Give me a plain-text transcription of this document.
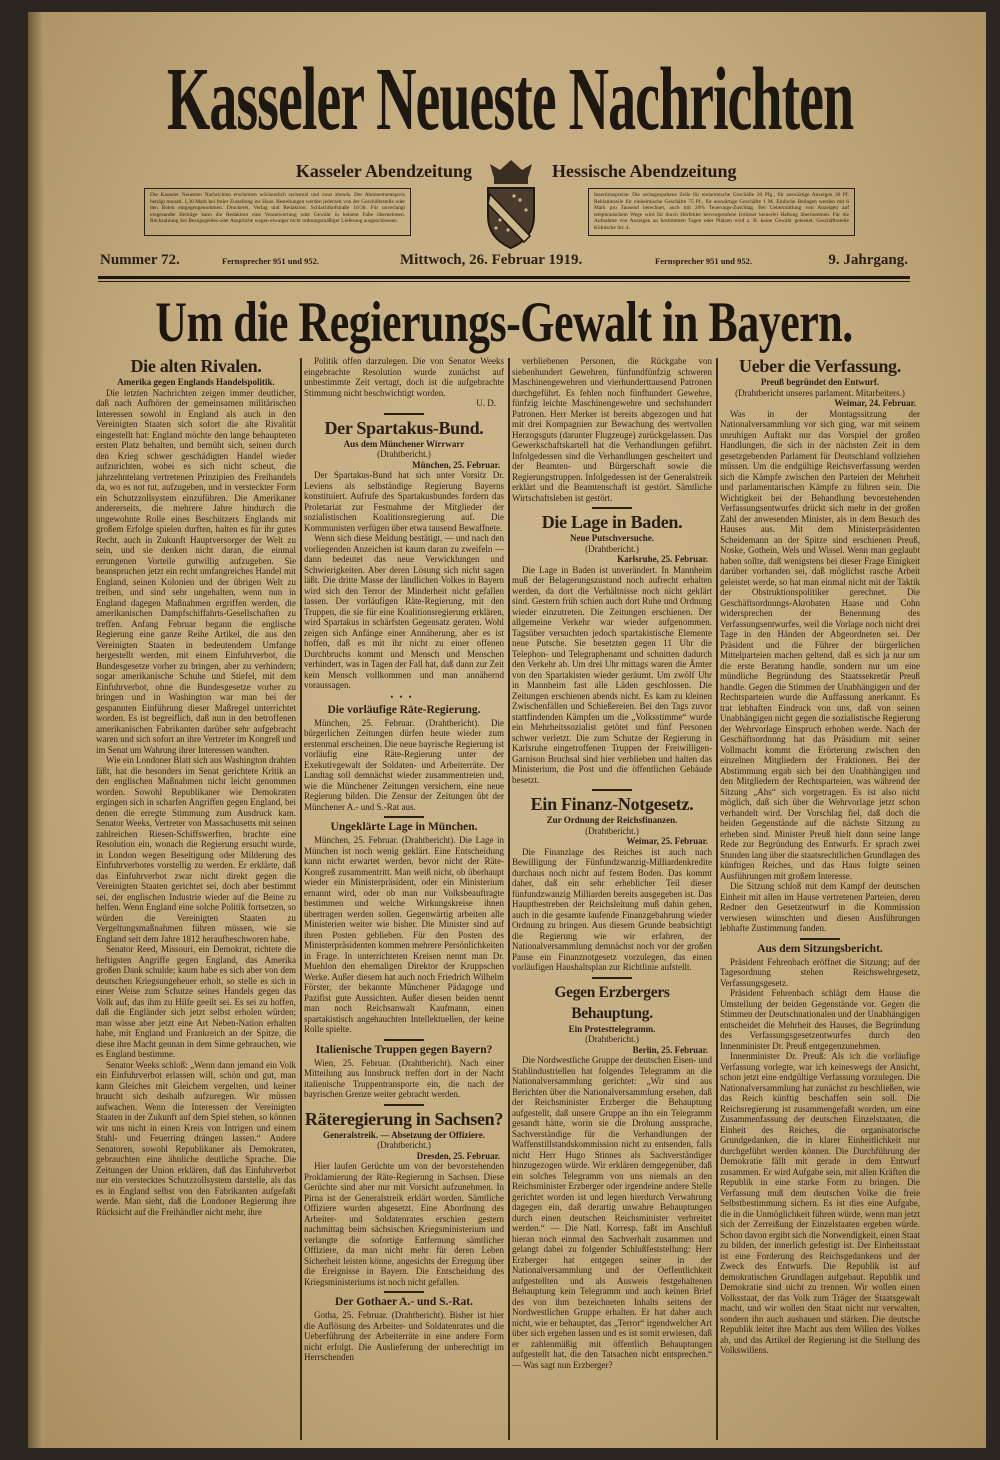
Kasseler Neueste Nachrichten
Kasseler Abendzeitung	Hessische Abendzeitung
Die Kasseler Neuesten Nachrichten erscheinen wöchentlich sechsmal und zwar abends. Der Abonnementspreis beträgt monatl. 1,30 Mark bei freier Zustellung ins Haus. Bestellungen werden jederzeit von der Geschäftsstelle oder den Boten entgegengenommen. Druckerei, Verlag und Redaktion: Schlachthofstraße 10/30. Für unverlangt eingesandte Beiträge kann die Redaktion eine Verantwortung oder Gewähr in keinem Falle übernehmen. Rückzahlung des Bezugsgeldes oder Ansprüche wegen etwaiger nicht ordnungsmäßiger Lieferung ausgeschlossen.
Insertionspreise: Die sechsgespaltene Zeile für einheimische Geschäfte 20 Pfg., für auswärtige Anzeigen 30 Pf. Reklamezeile für einheimische Geschäfte 75 Pf., für auswärtige Geschäfte 1 M. Einfache Beilagen werden mit 6 Mark pro Tausend berechnet, auch mit 20% Teuerungs-Zuschlag. Bei Uebermittlung von Anzeigen auf telephonischem Wege wird für durch Hörfehler hervorgerufene Irrtümer keinerlei Haftung übernommen. Für die Aufnahme von Anzeigen an bestimmten Tagen oder Plätzen wird z. B. keine Gewähr geleistet. Geschäftsstelle Kölnische Str. 4.
Nummer 72.	Fernsprecher 951 und 952.	Mittwoch, 26. Februar 1919.	Fernsprecher 951 und 952.	9. Jahrgang.
Um die Regierungs-Gewalt in Bayern.
Die alten Rivalen.
Amerika gegen Englands Handelspolitik.

Die letzten Nachrichten zeigen immer deutlicher, daß nach Aufhören der gemeinsamen militärischen Interessen sowohl in England als auch in den Vereinigten Staaten sich sofort die alte Rivalität eingestellt hat: England möchte den lange behaupteten ersten Platz behalten, und bemüht sich, seinen durch den Krieg schwer geschädigten Handel wieder aufzurichten, wobei es sich nicht scheut, die jahrzehntelang vertretenen Prinzipien des Freihandels da, wo es not tut, aufzugeben, und in versteckter Form ein Schutzzollsystem einzuführen. Die Amerikaner andererseits, die mehrere Jahre hindurch die ungewohnte Rolle eines Beschützers Englands mit großem Erfolge spielen durften, halten es für ihr gutes Recht, auch in Zukunft Hauptversorger der Welt zu sein, und sie denken nicht daran, die einmal errungenen Vorteile gutwillig aufzugeben. Sie beanspruchen jetzt ein recht umfangreiches Handel mit England, seinen Kolonien und der übrigen Welt zu treiben, und sind sehr ungehalten, wenn nun in England dagegen Maßnahmen ergriffen werden, die amerikanischen Dampfschiffahrts-Gesellschaften zu treffen. Anfang Februar begann die englische Regierung eine ganze Reihe Artikel, die aus den Vereinigten Staaten in bedeutendem Umfange hergestellt werden, mit einem Einfuhrverbot, die Bundesgesetze vorher zu bringen, aber zu verhindern; sogar amerikanische Schuhe und Stiefel, mit dem Einfuhrverbot, ohne die Bundesgesetze vorher zu bringen und in Washington war man bei der gespannten Einführung dieser Maßregel unterrichtet worden. Es ist begreiflich, daß nun in den betroffenen amerikanischen Fabrikanten darüber sehr aufgebracht waren und sich sofort an ihre Vertreter im Kongreß und im Senat um Wahrung ihrer Interessen wandten.

Wie ein Londoner Blatt sich aus Washington drahten läßt, hat die besonders im Senat gerichtete Kritik an den englischen Maßnahmen nicht leicht genommen worden. Sowohl Republikaner wie Demokraten ergingen sich in scharfen Angriffen gegen England, bei denen die erregte Stimmung zum Ausdruck kam. Senator Weeks, Vertreter von Massachusetts mit seinen zahlreichen Riesen-Schiffswerften, brachte eine Resolution ein, wonach die Regierung ersucht wurde, in London wegen Beseitigung oder Milderung des Einfuhrverbotes vorstellig zu werden. Er erklärte, daß das Einfuhrverbot zwar nicht direkt gegen die Vereinigten Staaten gerichtet sei, doch aber bestimmt sei, der englischen Industrie wieder auf die Beine zu helfen. Wenn England eine solche Politik fortsetzen, so würden die Vereinigten Staaten zu Vergeltungsmaßnahmen führen müssen, wie sie England seit dem Jahre 1812 heraufbeschworen habe.

Senator Reed, Missouri, ein Demokrat, richtete die heftigsten Angriffe gegen England, das Amerika großen Dank schulde; kaum habe es sich aber von dem deutschen Kriegsungeheuer erholt, so stelle es sich in einer Weise zum Schutze seines Handels gegen das Volk auf, das ihm zu Hilfe geeilt sei. Es sei zu hoffen, daß die Engländer sich jetzt selbst erholen würden; man wisse aber jetzt eine Art Neben-Nation erhalten habe, mit England und Frankreich an der Spitze, die diese ihre Macht gennan in dem Sinne gebrauchen, wie es England bestimme.

Senator Weeks schloß: „Wenn dann jemand ein Volk ein Einfuhrverbot erlassen will, schön und gut, man kann Gleiches mit Gleichem vergelten, und keiner braucht sich deshalb aufzuregen. Wir müssen aufwachen. Wenn die Interessen der Vereinigten Staaten in der Zukunft auf dem Spiel stehen, so können wir uns nicht in einen Kreis von Intrigen und einem Stahl- und Feuerring drängen lassen.“ Andere Senatoren, sowohl Republikaner als Demokraten, gebrauchten eine ähnliche deutliche Sprache. Die Zeitungen der Union erklären, daß das Einfuhrverbot nur ein verstecktes Schutzzollsystem darstelle, als das es in England selbst von den Fabrikanten aufgefaßt werde. Man sieht, daß die Londoner Regierung ihre Rücksicht auf die Freihändler nicht mehr, ihre

Politik offen darzulegen. Die von Senator Weeks eingebrachte Resolution wurde zunächst auf unbestimmte Zeit vertagt, doch ist die aufgebrachte Stimmung nicht beschwichtigt worden.

U. D.
Der Spartakus-Bund.
Aus dem Münchener Wirrwarr
(Drahtbericht.)
München, 25. Februar.

Der Spartakus-Bund hat sich unter Vorsitz Dr. Leviens als selbständige Regierung Bayerns konstituiert. Aufrufe des Spartakusbundes fordern das Proletariat zur Festnahme der Mitglieder der sozialistischen Koalitionsregierung auf. Die Kommunisten verfügen über etwa tausend Bewaffnete.

Wenn sich diese Meldung bestätigt, — und nach den vorliegenden Anzeichen ist kaum daran zu zweifeln — dann bedeutet das neue Verwicklungen und Schwierigkeiten. Aber deren Lösung sich nicht sagen läßt. Die dritte Masse der ländlichen Volkes in Bayern wird sich den Terror der Minderheit nicht gefallen lassen. Der vorläufigen Räte-Regierung, mit den Truppen, die sie für eine Koalitionsregierung erklären, wird Spartakus in schärfsten Gegensatz geraten. Wohl zeigen sich Anfänge einer Annäherung, aber es ist hoffen, daß es mit ihr nicht zu einer offenen Durchbruchs kommt und Mensch und Menschen verhindert, was in Tagen der Fall hat, daß dann zur Zeit kein Mensch vollkommen und man annähernd voraussagen.

•••
Die vorläufige Räte-Regierung.

München, 25. Februar. (Drahtbericht). Die bürgerlichen Zeitungen dürfen heute wieder zum erstenmal erscheinen. Die neue bayrische Regierung ist vorläufig eine Räte-Regierung unter der Exekutivgewalt der Soldaten- und Arbeiterräte. Der Landtag soll demnächst wieder zusammentreten und, wie die Münchener Zeitungen versichern, eine neue Regierung bilden. Die Zensur der Zeitungen übt der Münchener A.- und S.-Rat aus.

Ungeklärte Lage in München.

München, 25. Februar. (Drahtbericht). Die Lage in München ist noch wenig geklärt. Eine Entscheidung kann nicht erwartet werden, bevor nicht der Räte-Kongreß zusammentritt. Man weiß nicht, ob überhaupt wieder ein Ministerpräsident, oder ein Ministerium ernannt wird, oder ob man nur Volksbeauftragte bestimmen und welche Wirkungskreise ihnen übertragen werden sollen. Gegenwärtig arbeiten alle Ministerien weiter wie bisher. Die Minister sind auf ihren Posten geblieben. Für den Posten des Ministerpräsidenten kommen mehrere Persönlichkeiten in Frage. In unterrichteten Kreisen nennt man Dr. Muehlon den ehemaligen Direktor der Kruppschen Werke. Außer diesem hat auch noch Friedrich Wilhelm Förster, der bekannte Münchener Pädagoge und Pazifist gute Aussichten. Außer diesen beiden nennt man noch Reichsanwalt Kaufmann, einen spartakistisch angehauchten Intellektuellen, der keine Rolle spielte.

Italienische Truppen gegen Bayern?

Wien, 25. Februar. (Drahtbericht). Nach einer Mitteilung aus Innsbruck treffen dort in der Nacht italienische Truppentransporte ein, die nach der bayrischen Grenze weiter gebracht werden.

Räteregierung in Sachsen?
Generalstreik. — Absetzung der Offiziere.
(Drahtbericht.)
Dresden, 25. Februar.

Hier laufen Gerüchte um von der bevorstehenden Proklamierung der Räte-Regierung in Sachsen. Diese Gerüchte sind aber nur mit Vorsicht aufzunehmen. In Pirna ist der Generalstreik erklärt worden. Sämtliche Offiziere wurden abgesetzt. Eine Abordnung des Arbeiter- und Soldatenrates erschien gestern nachmittag beim sächsischen Kriegsministerium und verlangte die sofortige Entfernung sämtlicher Offiziere, da man nicht mehr für deren Leben Sicherheit leisten könne, angesichts der Erregung über die Ereignisse in Bayern. Die Entscheidung des Kriegsministeriums ist noch nicht gefallen.

Der Gothaer A.- und S.-Rat.

Gotha, 25. Februar. (Drahtbericht). Bisher ist hier die Auflösung des Arbeiter- und Soldatenrates und die Ueberführung der Arbeiterräte in eine andere Form nicht erfolgt. Die Auslieferung der unberechtigt im Herrschenden

verbliebenen Personen, die Rückgabe von siebenhundert Gewehren, fünfundfünfzig schweren Maschinengewehren und vierhunderttausend Patronen durchgeführt. Es fehlen noch fünfhundert Gewehre, fünfzig leichte Maschinengewehre und sechshundert Patronen. Herr Merker ist bereits abgezogen und hat mit drei Kompagnien zur Bewachung des wertvollen Herzogsguts (darunter Flugzeuge) zurückgelassen. Das Gewerkschaftskartell hat die Verhandlungen geführt. Infolgedessen sind die Verhandlungen gescheitert und der Beamten- und Bürgerschaft sowie die Regierungstruppen. Infolgedessen ist der Generalstreik erklärt und die Beamtenschaft ist gestört. Sämtliche Wirtschaftsleben ist gestört.

Die Lage in Baden.
Neue Putschversuche.
(Drahtbericht.)
Karlsruhe, 25. Februar.

Die Lage in Baden ist unverändert. In Mannheim muß der Belagerungszustand noch aufrecht erhalten werden, da dort die Verhältnisse noch nicht geklärt sind. Gestern früh schien auch dort Ruhe und Ordnung wieder einzutreten. Die Zeitungen erschienen. Der allgemeine Verkehr war wieder aufgenommen. Tagsüber versuchten jedoch spartakistische Elemente neue Putsche. Sie besetzten gegen 11 Uhr die Telephon- und Telegraphenamt und schnitten dadurch den Verkehr ab. Um drei Uhr mittags waren die Ämter von den Spartakisten wieder geräumt. Um zwölf Uhr in Mannheim fast alle Läden geschlossen. Die Zeitungen erschienen abends nicht. Es kam zu kleinen Zwischenfällen und Schießereien. Bei den Tags zuvor stattfindenden Kämpfen um die „Volksstimme“ wurde ein Mehrheitssozialist getötet und fünf Personen schwer verletzt. Die zum Schutze der Regierung in Karlsruhe eingetroffenen Truppen der Freiwilligen-Garnison Bruchsal sind hier verblieben und halten das Ministerium, die Post und die öffentlichen Gebäude besetzt.

Ein Finanz-Notgesetz.
Zur Ordnung der Reichsfinanzen.
(Drahtbericht.)
Weimar, 25. Februar.

Die Finanzlage des Reiches ist auch nach Bewilligung der Fünfundzwanzig-Milliardenkredite durchaus noch nicht auf festem Boden. Das kommt daher, daß ein sehr erheblicher Teil dieser fünfundzwanzig Milliarden bereits ausgegeben ist. Das Hauptbestreben der Reichsleitung muß dahin gehen, auch in die gesamte laufende Finanzgebahrung wieder Ordnung zu bringen. Aus diesem Grunde beabsichtigt die Regierung wie wir erfahren, der Nationalversammlung demnächst noch vor der großen Pause ein Finanznotgesetz vorzulegen, das einen vorläufigen Haushaltsplan zur Richtlinie aufstellt.

Gegen Erzbergers Behauptung.
Ein Protesttelegramm.
(Drahtbericht.)
Berlin, 25. Februar.

Die Nordwestliche Gruppe der deutschen Eisen- und Stahlindustriellen hat folgendes Telegramm an die Nationalversammlung gerichtet: „Wir sind aus Berichten über die Nationalversammlung ersehen, daß der Reichsminister Erzberger die Behauptung aufgestellt, daß unsere Gruppe an ihn ein Telegramm gesandt hätte, worin sie die Drohung aussprache, Sachverständige für die Verhandlungen der Waffenstillstandskommission nicht zu entsenden, falls nicht Herr Hugo Stinnes als Sachverständiger hinzugezogen würde. Wir erklären demgegenüber, daß ein solches Telegramm von uns niemals an den Reichsminister Erzberger oder irgendeine andere Stelle gerichtet worden ist und legen hierdurch Verwahrung dagegen ein, daß derartig unwahre Behauptungen durch einen deutschen Reichsminister verbreitet werden.“ — Die Natl. Korresp. faßt im Anschluß hieran noch einmal den Sachverhalt zusammen und gelangt dabei zu folgender Schlußfeststellung: Herr Erzberger hat entgegen seiner in der Nationalversammlung und der Oeffentlichkeit aufgestellten und als Ausweis festgehaltenen Behauptung kein Telegramm und auch keinen Brief des von ihm bezeichneten Inhalts seitens der Nordwestlichen Gruppe erhalten. Er hat daher auch nicht, wie er behauptet, das „Terror“ irgendwelcher Art über sich ergehen lassen und es ist somit erwiesen, daß er zahlenmäßig mit öffentlich Behauptungen aufgestellt hat, die den Tatsachen nicht entsprechen.“ — Was sagt nun Erzberger?

Ueber die Verfassung.
Preuß begründet den Entwurf.
(Drahtbericht unseres parlament. Mitarbeiters.)
Weimar, 24. Februar.

Was in der Montagssitzung der Nationalversammlung vor sich ging, war mit seinem unruhigen Auftakt nur das Vorspiel der großen Handlungen, die sich in der nächsten Zeit in dem gesetzgebenden Parlament für Deutschland vollziehen müssen. Um die endgültige Reichsverfassung werden sich die Kämpfe zwischen den Parteien der Mehrheit und parlamentarischen Kämpfe zu führen sein. Die Wichtigkeit bei der Behandlung bevorstehenden Verfassungsentwurfes drückt sich mehr in der großen Zahl der anwesenden Minister, als in dem Besuch des Hauses aus. Mit dem Ministerpräsidenten Scheidemann an der Spitze sind erschienen Preuß, Noske, Gothein, Wels und Wissel. Wenn man geglaubt haben sollte, daß wenigstens bei dieser Frage Einigkeit darüber vorhanden sei, daß möglichst rasche Arbeit geleistet werde, so hat man einmal nicht mit der Taktik der Obstruktionspolitiker gerechnet. Die Geschäftsordnungs-Akrobaten Haase und Cohn widersprechen der Benennung des Verfassungsentwurfes, weil die Vorlage noch nicht drei Tage in den Händen der Abgeordneten sei. Der Präsident und die Führer der bürgerlichen Mittelparteien machen geltend, daß es sich ja nur um die erste Beratung handle, sondern nur um eine mündliche Begründung des Staatssekretär Preuß handle. Gegen die Stimmen der Unabhängigen und der Rechtsparteien wurde die Auffassung anerkannt. Es trat lebhaften Eindruck von uns, daß von seinen Unabhängigen nicht gegen die sozialistische Regierung der Wehrvorlage Einspruch erhoben werde. Nach der Geschäftsordnung hat das Präsidium mit seiner Vollmacht kommt die Erörterung zwischen den einzelnen Mitgliedern der Fraktionen. Bei der Abstimmung ergab sich bei den Unabhängigen und den Mitgliedern der Rechtsparteien, was während der Sitzung „Ahs“ sich vorgetragen. Es ist also nicht möglich, daß sich über die Wehrvorlage jetzt schon verhandelt wird. Der Vorschlag fiel, daß doch die beiden Gegenstände auf die nächste Sitzung zu erheben sind. Minister Preuß hielt dann seine lange Rede zur Begründung des Entwurfs. Er sprach zwei Stunden lang über die staatsrechtlichen Grundlagen des künftigen Reiches, und das Haus folgte seinen Ausführungen mit großem Interesse.

Die Sitzung schloß mit dem Kampf der deutschen Einheit mit allen im Hause vertretenen Parteien, deren Redner den Gesetzentwurf in die Kommission verwiesen wünschten und diesen Ausführungen lebhafte Zustimmung fanden.

Aus dem Sitzungsbericht.

Präsident Fehrenbach eröffnet die Sitzung; auf der Tagesordnung stehen Reichswehrgesetz, Verfassungsgesetz.

Präsident Fehrenbach schlägt dem Hause die Umstellung der beiden Gegenstände vor. Gegen die Stimmen der Deutschnationalen und der Unabhängigen entscheidet die Mehrheit des Hauses, die Begründung des Verfassungsgesetzentwurfes durch den Innenminister Dr. Preuß entgegenzunehmen.

Innenminister Dr. Preuß: Als ich die vorläufige Verfassung vorlegte, war ich keineswegs der Ansicht, schon jetzt eine endgültige Verfassung vorzulegen. Die Nationalversammlung hat zunächst zu beschließen, wie das Reich künftig beschaffen sein soll. Die Reichsregierung ist zusammengefaßt worden, um eine Zusammenfassung der deutschen Einzelstaaten, die Einheit des Reiches, die organisatorische Grundgedanken, die in klarer Einheitlichkeit nur durchgeführt werden können. Die Durchführung der Demokratie fällt mit gerade in dem Entwurf zusammen. Er wird Aufgabe sein, mit allen Kräften die Republik in eine starke Form zu bringen. Die Verfassung muß dem deutschen Volke die freie Selbstbestimmung sichern. Es ist dies eine Aufgabe, die in die Unmöglichkeit führen würde, wenn man jetzt sich der Zerreißung der Einzelstaaten ergeben würde. Schon davon ergibt sich die Notwendigkeit, einen Staat zu bilden, der innerlich gefestigt ist. Der Einheitsstaat ist eine Forderung des Reichsgedankens und der Zweck des Entwurfs. Die Republik ist auf demokratischen Grundlagen aufgebaut. Republik und Demokratie sind nicht zu trennen. Wir wollen einen Volksstaat, der das Volk zum Träger der Staatsgewalt macht, und wir wollen den Staat nicht nur verwalten, sondern ihn auch ausbauen und stärken. Die deutsche Republik leitet ihre Macht aus dem Willen des Volkes ab, und das Artikel der Regierung ist die Stellung des Volkswillens.
